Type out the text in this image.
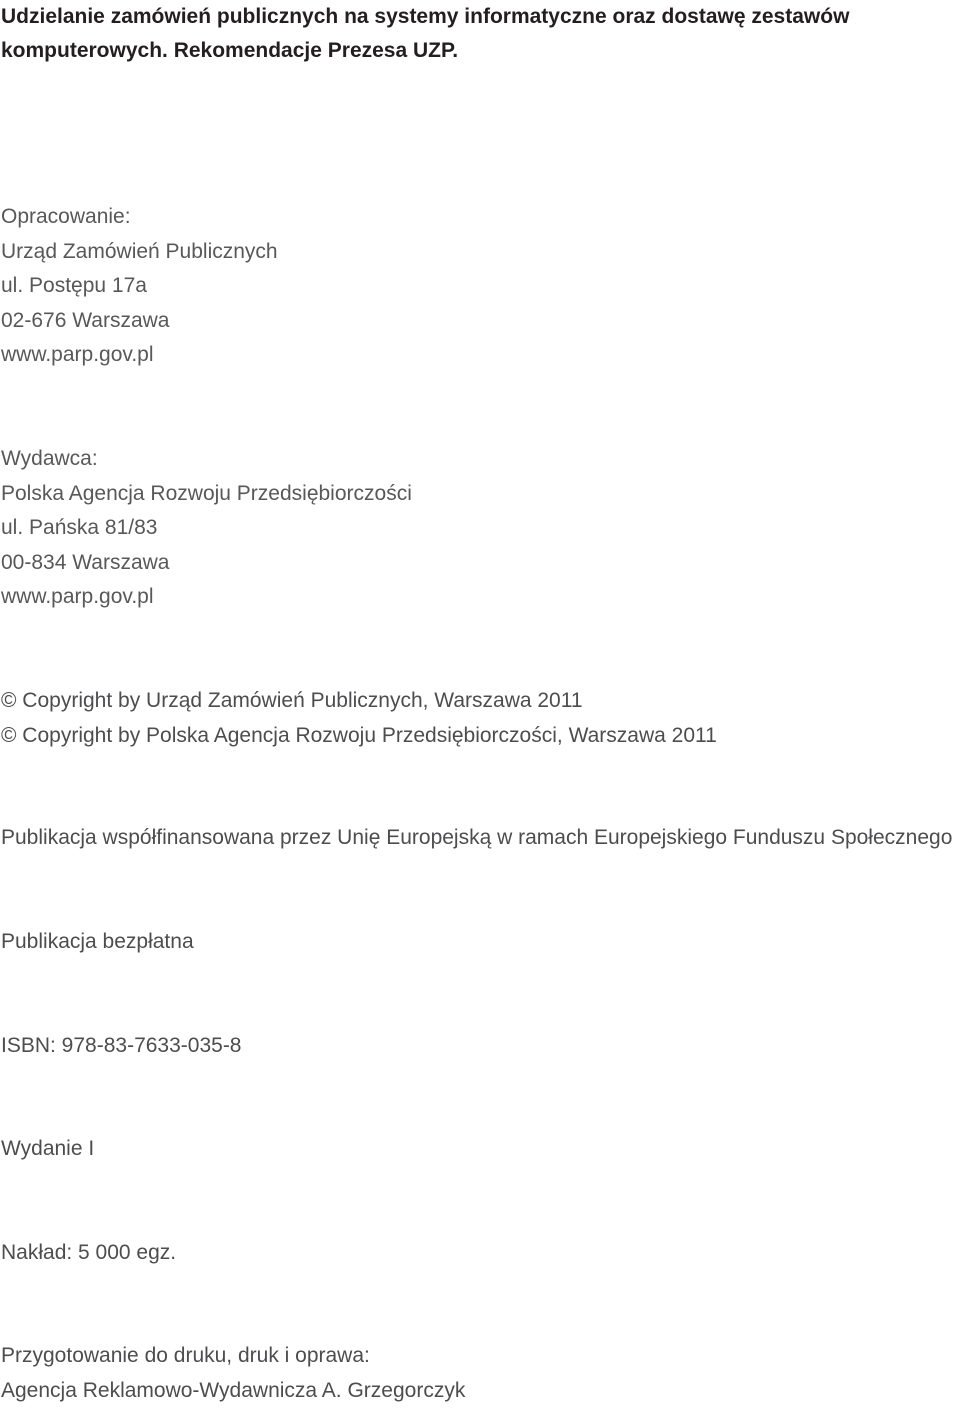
Udzielanie zamówień publicznych na systemy informatyczne oraz dostawę zestawów komputerowych. Rekomendacje Prezesa UZP.
Opracowanie:
Urząd Zamówień Publicznych
ul. Postępu 17a
02-676 Warszawa
www.parp.gov.pl
Wydawca:
Polska Agencja Rozwoju Przedsiębiorczości
ul. Pańska 81/83
00-834 Warszawa
www.parp.gov.pl
© Copyright by Urząd Zamówień Publicznych, Warszawa 2011
© Copyright by Polska Agencja Rozwoju Przedsiębiorczości, Warszawa 2011

Publikacja współfinansowana przez Unię Europejską w ramach Europejskiego Funduszu Społecznego

Publikacja bezpłatna

ISBN: 978-83-7633-035-8

Wydanie I

Nakład: 5 000 egz.

Przygotowanie do druku, druk i oprawa:
Agencja Reklamowo-Wydawnicza A. Grzegorczyk
